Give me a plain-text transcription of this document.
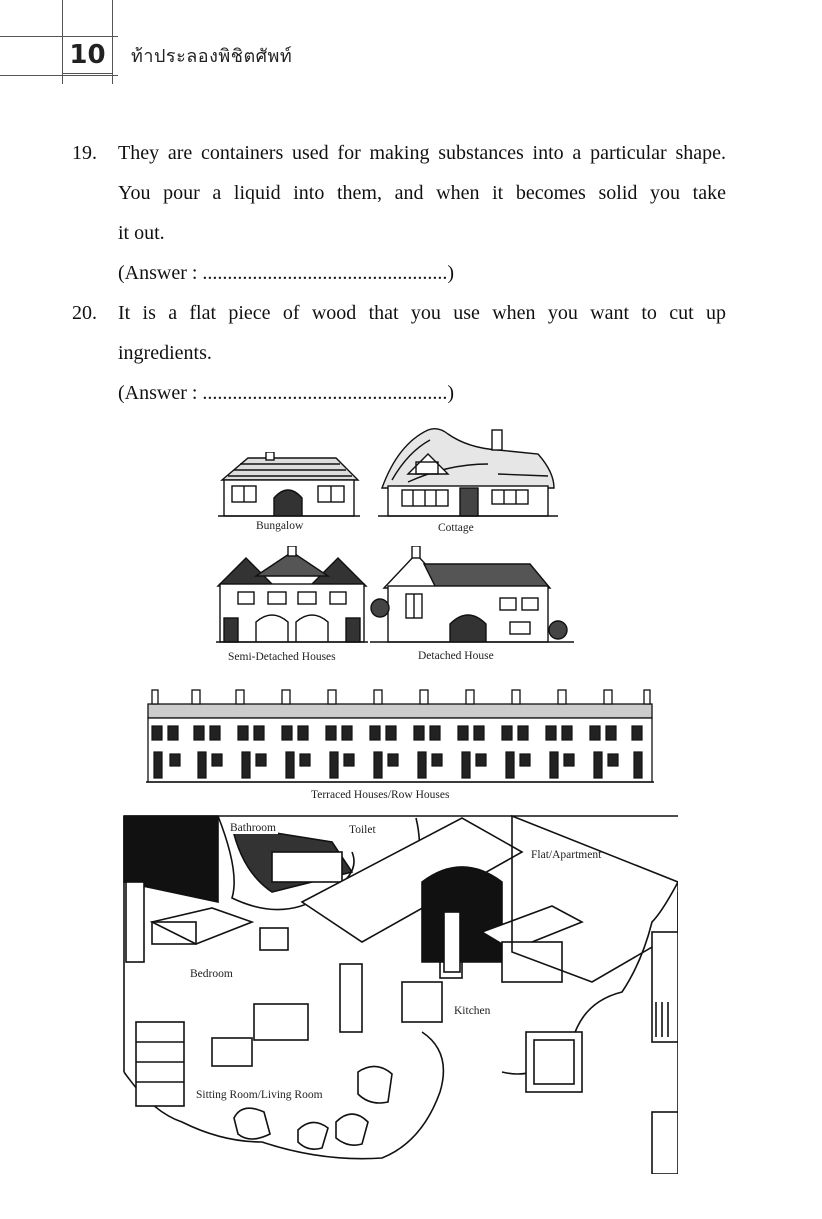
10	ท้าประลองพิชิตศัพท์
19. They are containers used for making substances into a particular shape.
You pour a liquid into them, and when it becomes solid you take
it out.
(Answer : .................................................)
20. It is a flat piece of wood that you use when you want to cut up
ingredients.
(Answer : .................................................)
Bungalow	Cottage
Semi-Detached Houses	Detached House
Terraced Houses/Row Houses
Bathroom	Toilet
Flat/Apartment
Bedroom
Kitchen
Sitting Room/Living Room
